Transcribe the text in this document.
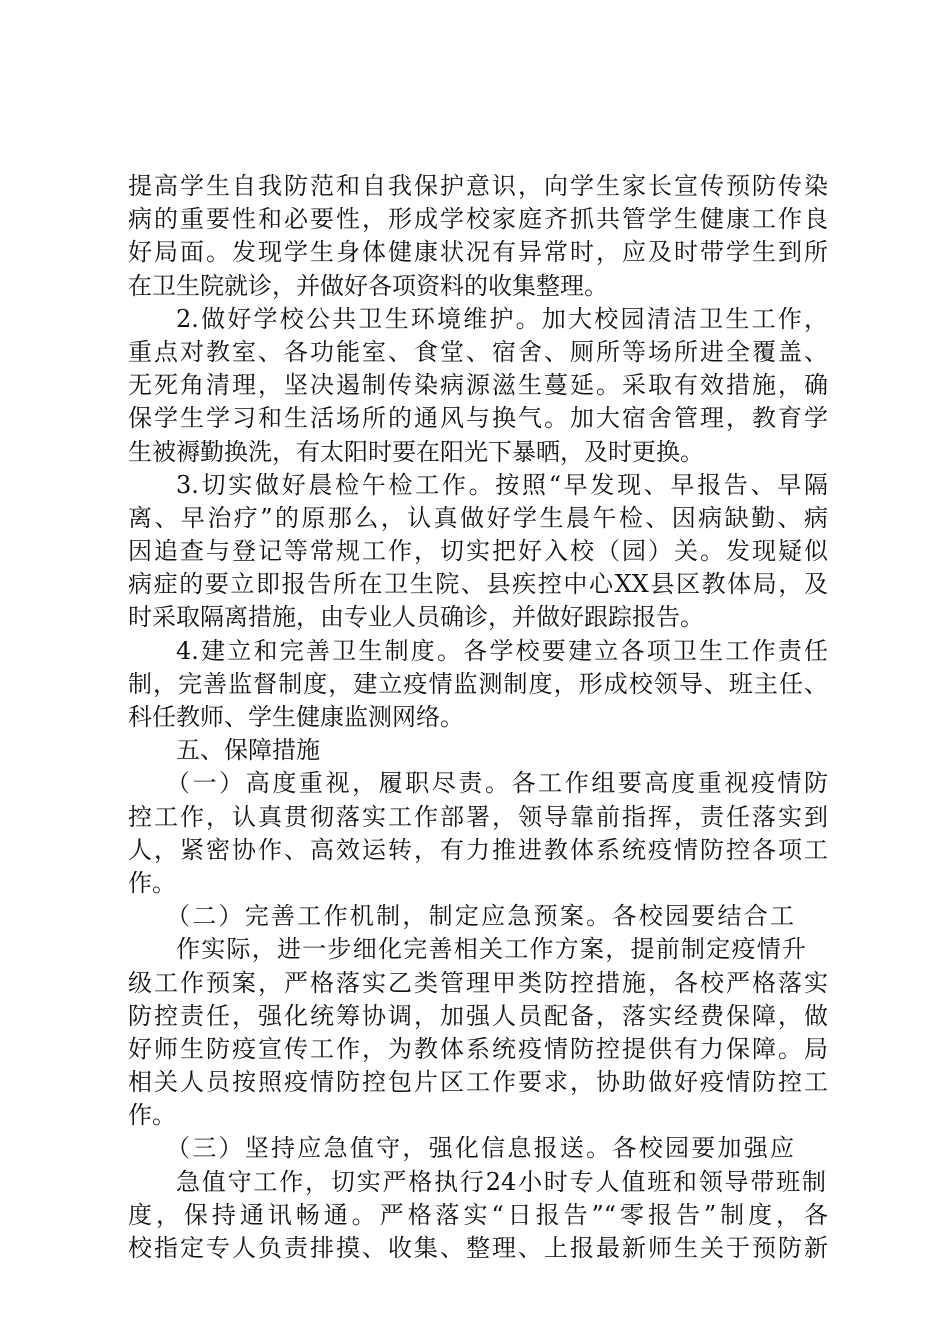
提高学生自我防范和自我保护意识，向学生家长宣传预防传染
病的重要性和必要性，形成学校家庭齐抓共管学生健康工作良
好局面。发现学生身体健康状况有异常时，应及时带学生到所
在卫生院就诊，并做好各项资料的收集整理。
2.做好学校公共卫生环境维护。加大校园清洁卫生工作，
重点对教室、各功能室、食堂、宿舍、厕所等场所进全覆盖、
无死角清理，坚决遏制传染病源滋生蔓延。采取有效措施，确
保学生学习和生活场所的通风与换气。加大宿舍管理，教育学
生被褥勤换洗，有太阳时要在阳光下暴晒，及时更换。
3.切实做好晨检午检工作。按照“早发现、早报告、早隔
离、早治疗”的原那么，认真做好学生晨午检、因病缺勤、病
因追查与登记等常规工作，切实把好入校（园）关。发现疑似
病症的要立即报告所在卫生院、县疾控中心XX县区教体局，及
时采取隔离措施，由专业人员确诊，并做好跟踪报告。
4.建立和完善卫生制度。各学校要建立各项卫生工作责任
制，完善监督制度，建立疫情监测制度，形成校领导、班主任、
科任教师、学生健康监测网络。
五、保障措施
（一）高度重视，履职尽责。各工作组要高度重视疫情防
控工作，认真贯彻落实工作部署，领导靠前指挥，责任落实到
人，紧密协作、高效运转，有力推进教体系统疫情防控各项工
作。
（二）完善工作机制，制定应急预案。各校园要结合工
作实际，进一步细化完善相关工作方案，提前制定疫情升
级工作预案，严格落实乙类管理甲类防控措施，各校严格落实
防控责任，强化统筹协调，加强人员配备，落实经费保障，做
好师生防疫宣传工作，为教体系统疫情防控提供有力保障。局
相关人员按照疫情防控包片区工作要求，协助做好疫情防控工
作。
（三）坚持应急值守，强化信息报送。各校园要加强应
急值守工作，切实严格执行24小时专人值班和领导带班制
度，保持通讯畅通。严格落实“日报告”“零报告”制度，各
校指定专人负责排摸、收集、整理、上报最新师生关于预防新
